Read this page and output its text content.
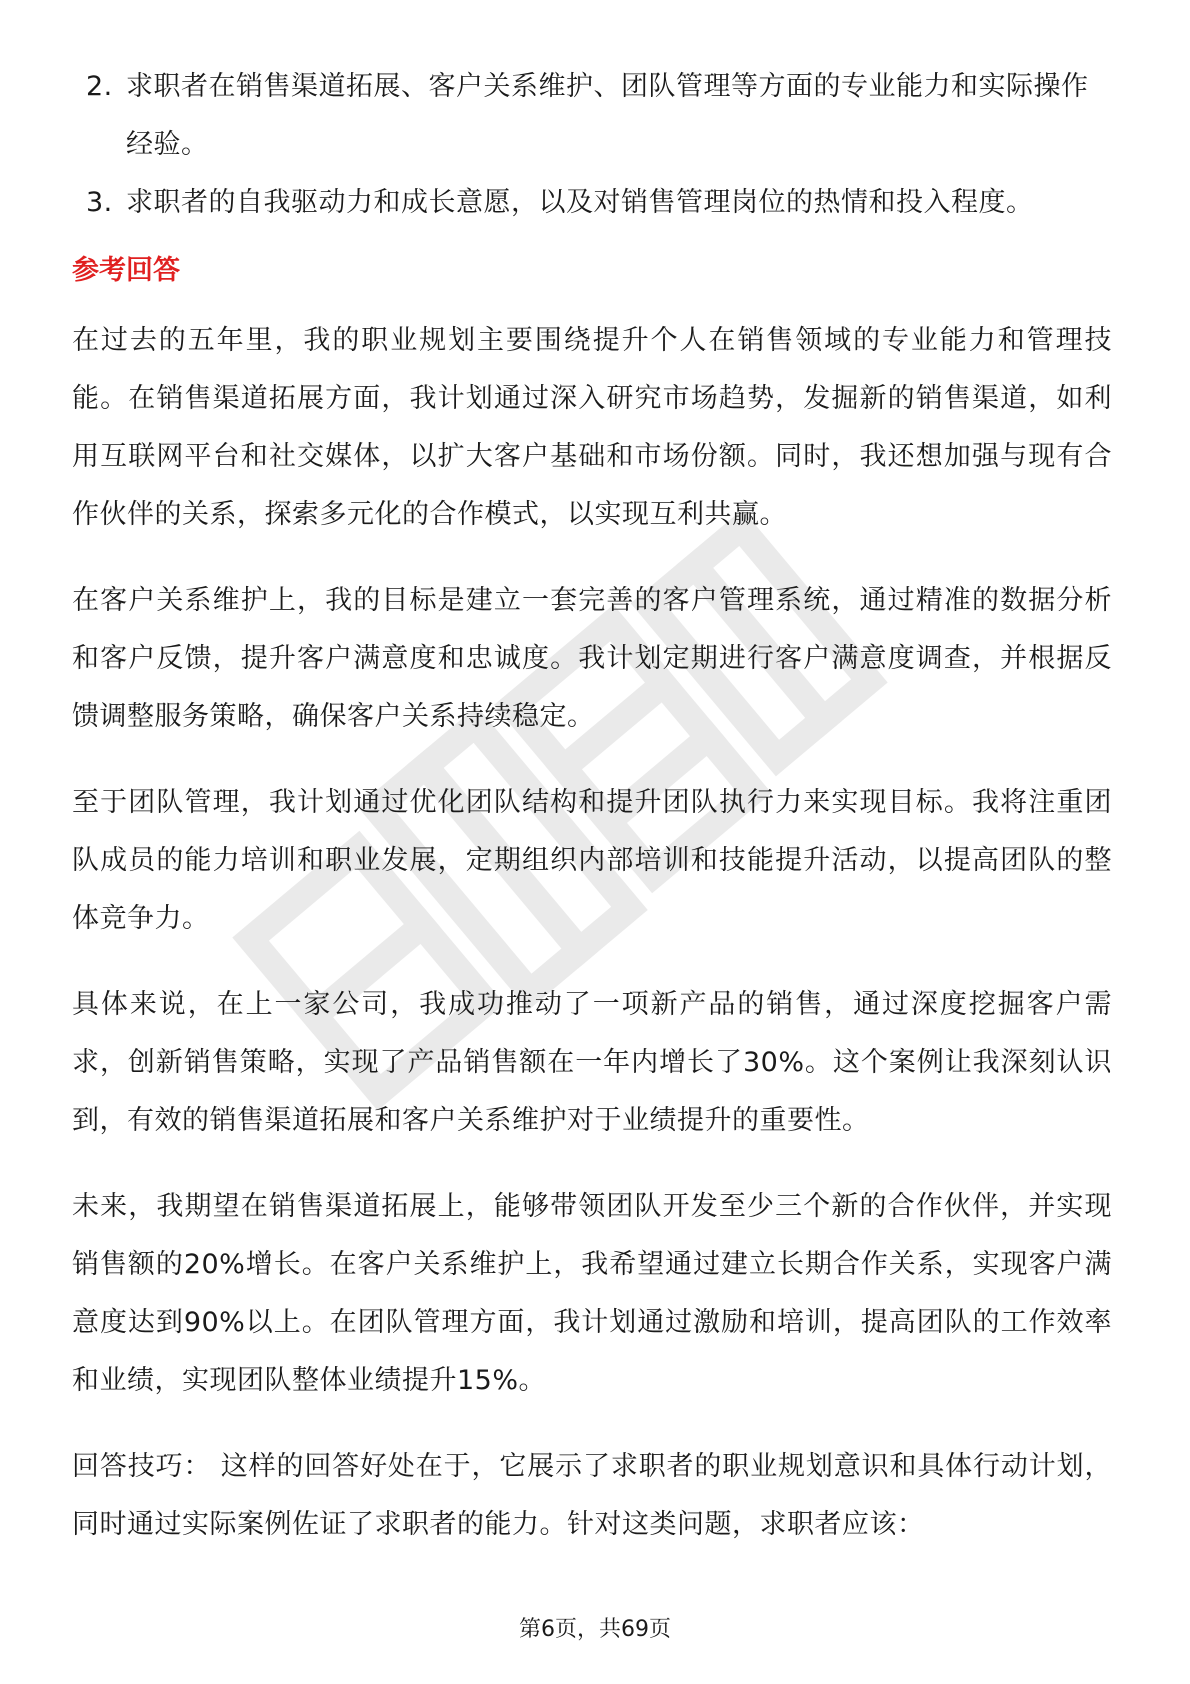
2. 求职者在销售渠道拓展、客户关系维护、团队管理等方面的专业能力和实际操作经验。
3. 求职者的自我驱动力和成长意愿，以及对销售管理岗位的热情和投入程度。
参考回答

在过去的五年里，我的职业规划主要围绕提升个人在销售领域的专业能力和管理技能。在销售渠道拓展方面，我计划通过深入研究市场趋势，发掘新的销售渠道，如利用互联网平台和社交媒体，以扩大客户基础和市场份额。同时，我还想加强与现有合作伙伴的关系，探索多元化的合作模式，以实现互利共赢。

在客户关系维护上，我的目标是建立一套完善的客户管理系统，通过精准的数据分析和客户反馈，提升客户满意度和忠诚度。我计划定期进行客户满意度调查，并根据反馈调整服务策略，确保客户关系持续稳定。

至于团队管理，我计划通过优化团队结构和提升团队执行力来实现目标。我将注重团队成员的能力培训和职业发展，定期组织内部培训和技能提升活动，以提高团队的整体竞争力。

具体来说，在上一家公司，我成功推动了一项新产品的销售，通过深度挖掘客户需求，创新销售策略，实现了产品销售额在一年内增长了30%。这个案例让我深刻认识到，有效的销售渠道拓展和客户关系维护对于业绩提升的重要性。

未来，我期望在销售渠道拓展上，能够带领团队开发至少三个新的合作伙伴，并实现销售额的20%增长。在客户关系维护上，我希望通过建立长期合作关系，实现客户满意度达到90%以上。在团队管理方面，我计划通过激励和培训，提高团队的工作效率和业绩，实现团队整体业绩提升15%。

回答技巧： 这样的回答好处在于，它展示了求职者的职业规划意识和具体行动计划，同时通过实际案例佐证了求职者的能力。针对这类问题，求职者应该：

第6页，共69页
